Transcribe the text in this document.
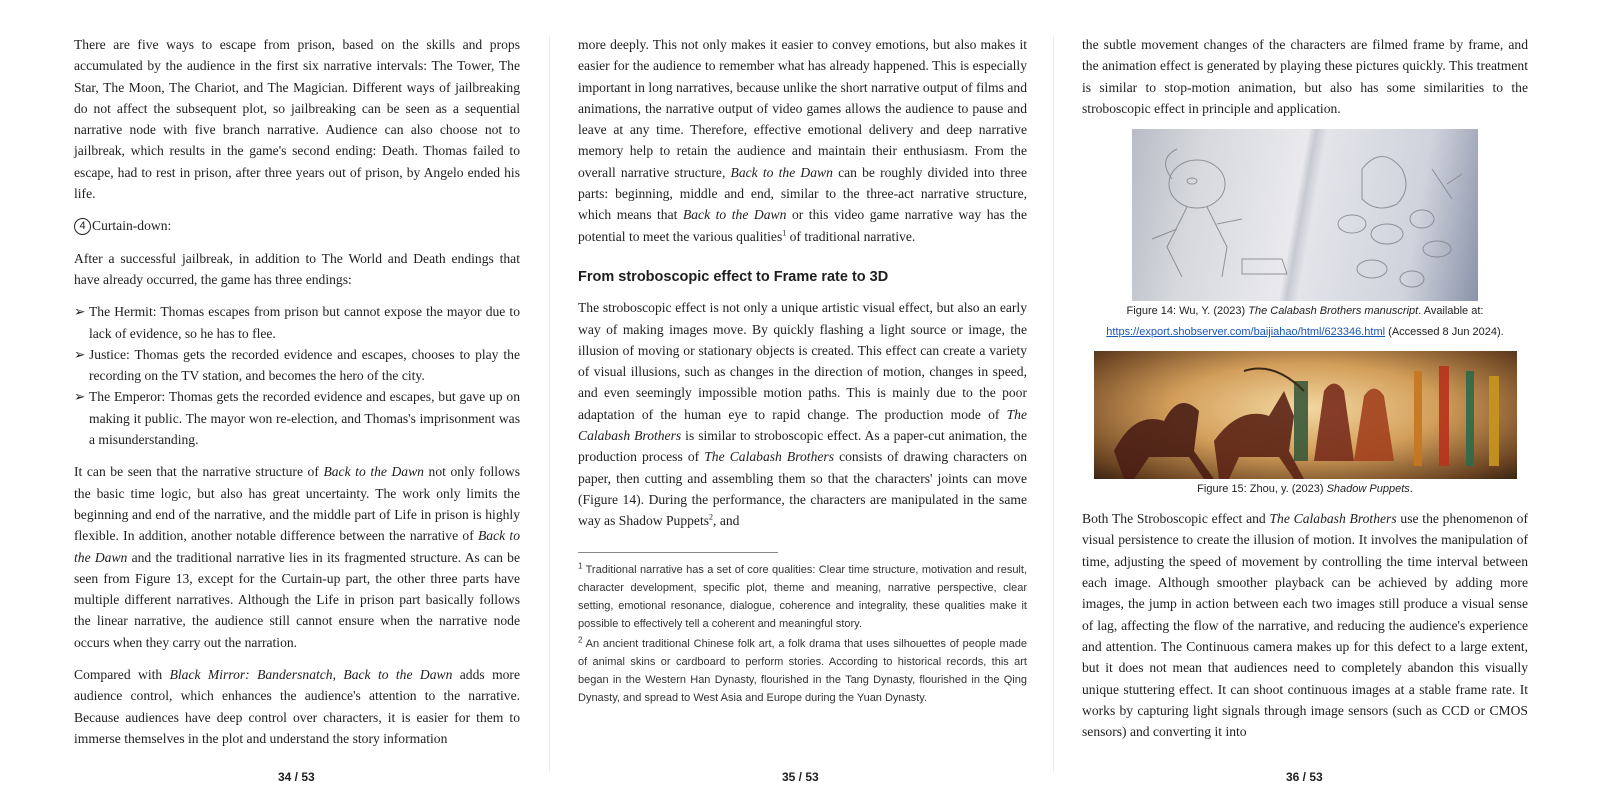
There are five ways to escape from prison, based on the skills and props accumulated by the audience in the first six narrative intervals: The Tower, The Star, The Moon, The Chariot, and The Magician. Different ways of jailbreaking do not affect the subsequent plot, so jailbreaking can be seen as a sequential narrative node with five branch narrative. Audience can also choose not to jailbreak, which results in the game's second ending: Death. Thomas failed to escape, had to rest in prison, after three years out of prison, by Angelo ended his life.

4 Curtain-down:

After a successful jailbreak, in addition to The World and Death endings that have already occurred, the game has three endings:

➢ The Hermit: Thomas escapes from prison but cannot expose the mayor due to lack of evidence, so he has to flee.
➢ Justice: Thomas gets the recorded evidence and escapes, chooses to play the recording on the TV station, and becomes the hero of the city.
➢ The Emperor: Thomas gets the recorded evidence and escapes, but gave up on making it public. The mayor won re-election, and Thomas's imprisonment was a misunderstanding.

It can be seen that the narrative structure of Back to the Dawn not only follows the basic time logic, but also has great uncertainty. The work only limits the beginning and end of the narrative, and the middle part of Life in prison is highly flexible. In addition, another notable difference between the narrative of Back to the Dawn and the traditional narrative lies in its fragmented structure. As can be seen from Figure 13, except for the Curtain-up part, the other three parts have multiple different narratives. Although the Life in prison part basically follows the linear narrative, the audience still cannot ensure when the narrative node occurs when they carry out the narration.

Compared with Black Mirror: Bandersnatch, Back to the Dawn adds more audience control, which enhances the audience's attention to the narrative. Because audiences have deep control over characters, it is easier for them to immerse themselves in the plot and understand the story information

34 / 53

more deeply. This not only makes it easier to convey emotions, but also makes it easier for the audience to remember what has already happened. This is especially important in long narratives, because unlike the short narrative output of films and animations, the narrative output of video games allows the audience to pause and leave at any time. Therefore, effective emotional delivery and deep narrative memory help to retain the audience and maintain their enthusiasm. From the overall narrative structure, Back to the Dawn can be roughly divided into three parts: beginning, middle and end, similar to the three-act narrative structure, which means that Back to the Dawn or this video game narrative way has the potential to meet the various qualities$^1$ of traditional narrative.

From stroboscopic effect to Frame rate to 3D

The stroboscopic effect is not only a unique artistic visual effect, but also an early way of making images move. By quickly flashing a light source or image, the illusion of moving or stationary objects is created. This effect can create a variety of visual illusions, such as changes in the direction of motion, changes in speed, and even seemingly impossible motion paths. This is mainly due to the poor adaptation of the human eye to rapid change. The production mode of The Calabash Brothers is similar to stroboscopic effect. As a paper-cut animation, the production process of The Calabash Brothers consists of drawing characters on paper, then cutting and assembling them so that the characters' joints can move (Figure 14). During the performance, the characters are manipulated in the same way as Shadow Puppets$^2$, and

$^1$ Traditional narrative has a set of core qualities: Clear time structure, motivation and result, character development, specific plot, theme and meaning, narrative perspective, clear setting, emotional resonance, dialogue, coherence and integrality, these qualities make it possible to effectively tell a coherent and meaningful story.
$^2$ An ancient traditional Chinese folk art, a folk drama that uses silhouettes of people made of animal skins or cardboard to perform stories. According to historical records, this art began in the Western Han Dynasty, flourished in the Tang Dynasty, flourished in the Qing Dynasty, and spread to West Asia and Europe during the Yuan Dynasty.
35 / 53

the subtle movement changes of the characters are filmed frame by frame, and the animation effect is generated by playing these pictures quickly. This treatment is similar to stop-motion animation, but also has some similarities to the stroboscopic effect in principle and application.

Figure 14: Wu, Y. (2023) The Calabash Brothers manuscript. Available at:
https://export.shobserver.com/baijiahao/html/623346.html (Accessed 8 Jun 2024).
Figure 15: Zhou, y. (2023) Shadow Puppets.

Both The Stroboscopic effect and The Calabash Brothers use the phenomenon of visual persistence to create the illusion of motion. It involves the manipulation of time, adjusting the speed of movement by controlling the time interval between each image. Although smoother playback can be achieved by adding more images, the jump in action between each two images still produce a visual sense of lag, affecting the flow of the narrative, and reducing the audience's experience and attention. The Continuous camera makes up for this defect to a large extent, but it does not mean that audiences need to completely abandon this visually unique stuttering effect. It can shoot continuous images at a stable frame rate. It works by capturing light signals through image sensors (such as CCD or CMOS sensors) and converting it into

36 / 53
